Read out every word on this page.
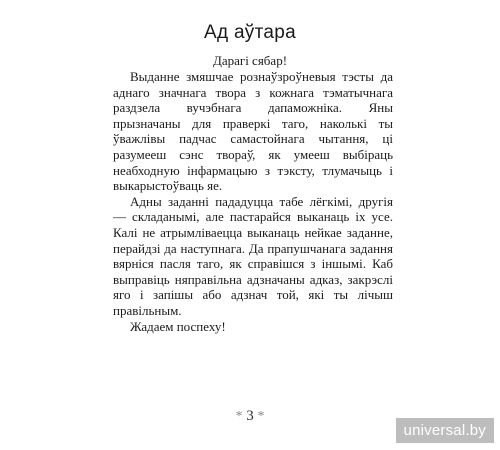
Ад аўтара
Дарагі сябар!

Выданне змяшчае рознаўзроўневыя тэсты да аднаго значнага твора з кожнага тэматычнага раздзела вучэбнага дапаможніка. Яны прызначаны для праверкі таго, наколькі ты ўважлівы падчас самастойнага чытання, ці разумееш сэнс твораў, як умееш выбіраць неабходную інфармацыю з тэксту, тлумачыць і выкарыстоўваць яе.

Адны заданні пададуцца табе лёгкімі, другія — складанымі, але пастарайся выканаць іх усе. Калі не атрымліваецца выканаць нейкае заданне, перайдзі да наступнага. Да прапушчанага задання вярніся пасля таго, як справішся з іншымі. Каб выправіць няправільна адзначаны адказ, закрэслі яго і запішы або адзнач той, які ты лічыш правільным.

Жадаем поспеху!

* 3 *
universal.by
